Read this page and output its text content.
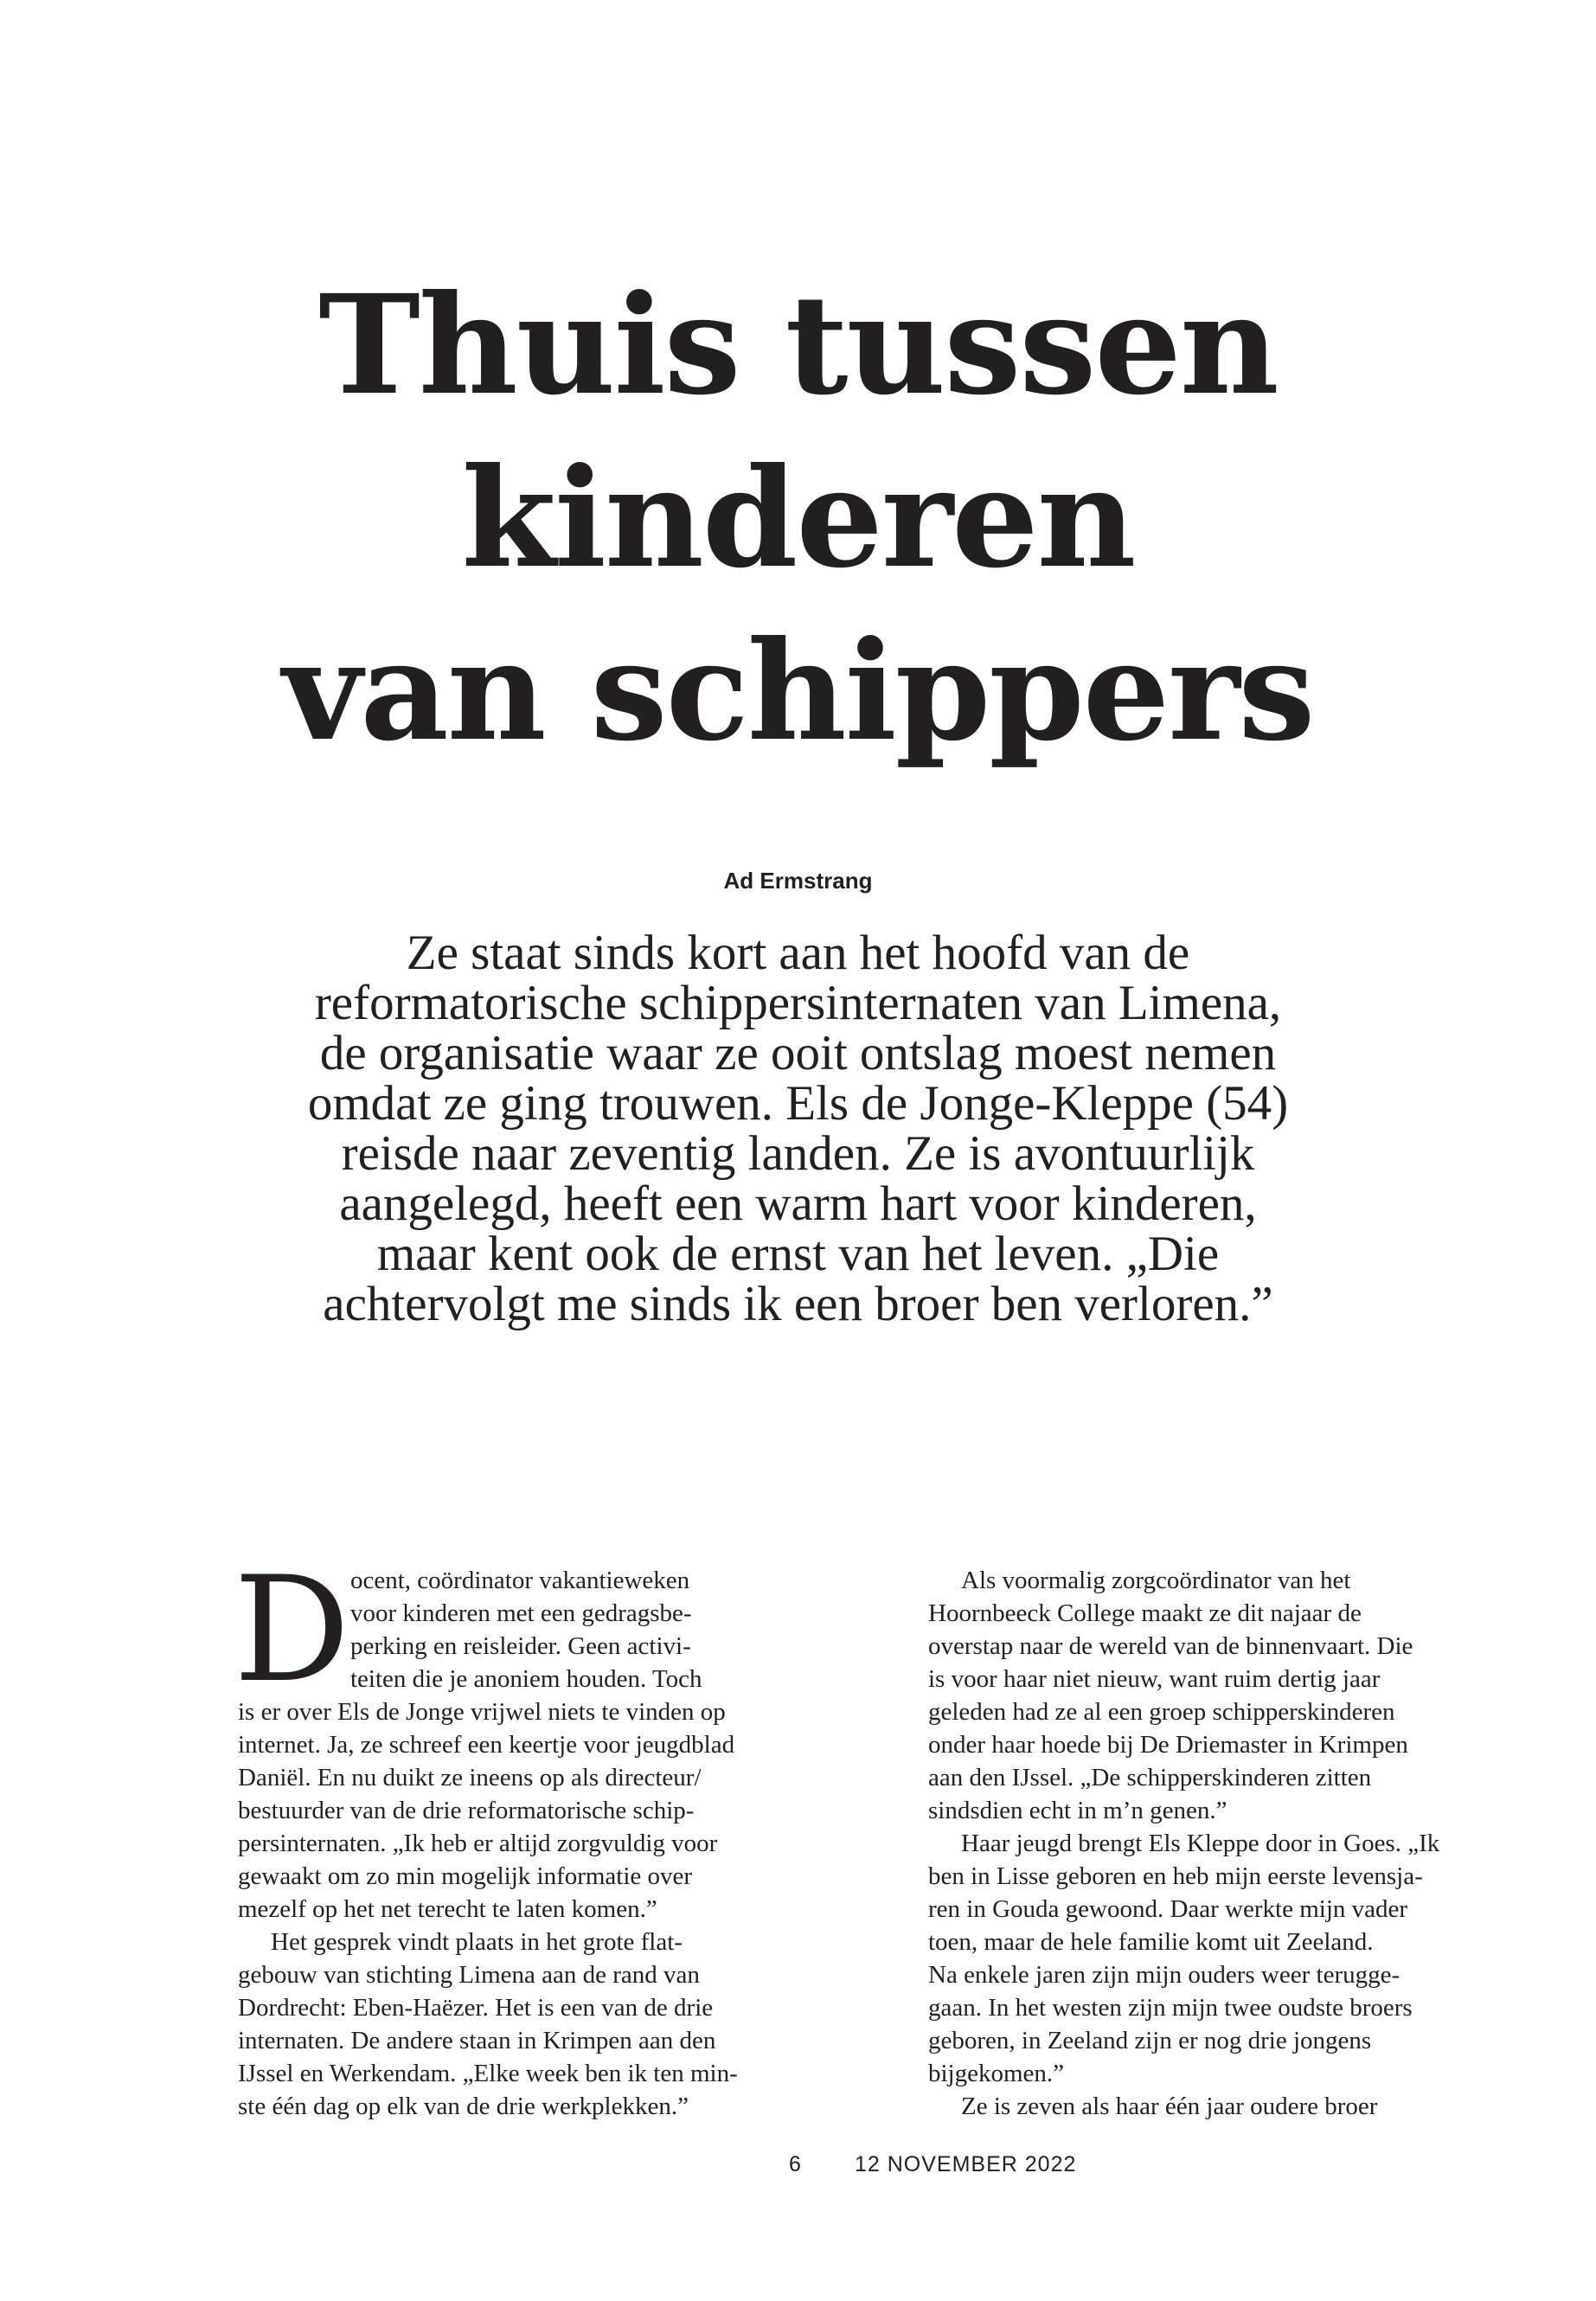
Thuis tussen
kinderen
van schippers
Ad Ermstrang

Ze staat sinds kort aan het hoofd van de
reformatorische schippersinternaten van Limena,
de organisatie waar ze ooit ontslag moest nemen
omdat ze ging trouwen. Els de Jonge-Kleppe (54)
reisde naar zeventig landen. Ze is avontuurlijk
aangelegd, heeft een warm hart voor kinderen,
maar kent ook de ernst van het leven. „Die
achtervolgt me sinds ik een broer ben verloren.”

D ocent, coördinator vakantieweken
voor kinderen met een gedragsbe-
perking en reisleider. Geen activi-
teiten die je anoniem houden. Toch
is er over Els de Jonge vrijwel niets te vinden op
internet. Ja, ze schreef een keertje voor jeugdblad
Daniël. En nu duikt ze ineens op als directeur/
bestuurder van de drie reformatorische schip-
persinternaten. „Ik heb er altijd zorgvuldig voor
gewaakt om zo min mogelijk informatie over
mezelf op het net terecht te laten komen.”
Het gesprek vindt plaats in het grote flat-
gebouw van stichting Limena aan de rand van
Dordrecht: Eben-Haëzer. Het is een van de drie
internaten. De andere staan in Krimpen aan den
IJssel en Werkendam. „Elke week ben ik ten min-
ste één dag op elk van de drie werkplekken.”
Als voormalig zorgcoördinator van het
Hoornbeeck College maakt ze dit najaar de
overstap naar de wereld van de binnenvaart. Die
is voor haar niet nieuw, want ruim dertig jaar
geleden had ze al een groep schipperskinderen
onder haar hoede bij De Driemaster in Krimpen
aan den IJssel. „De schipperskinderen zitten
sindsdien echt in m’n genen.”
Haar jeugd brengt Els Kleppe door in Goes. „Ik
ben in Lisse geboren en heb mijn eerste levensja-
ren in Gouda gewoond. Daar werkte mijn vader
toen, maar de hele familie komt uit Zeeland.
Na enkele jaren zijn mijn ouders weer terugge-
gaan. In het westen zijn mijn twee oudste broers
geboren, in Zeeland zijn er nog drie jongens
bijgekomen.”
Ze is zeven als haar één jaar oudere broer
6 12 NOVEMBER 2022
